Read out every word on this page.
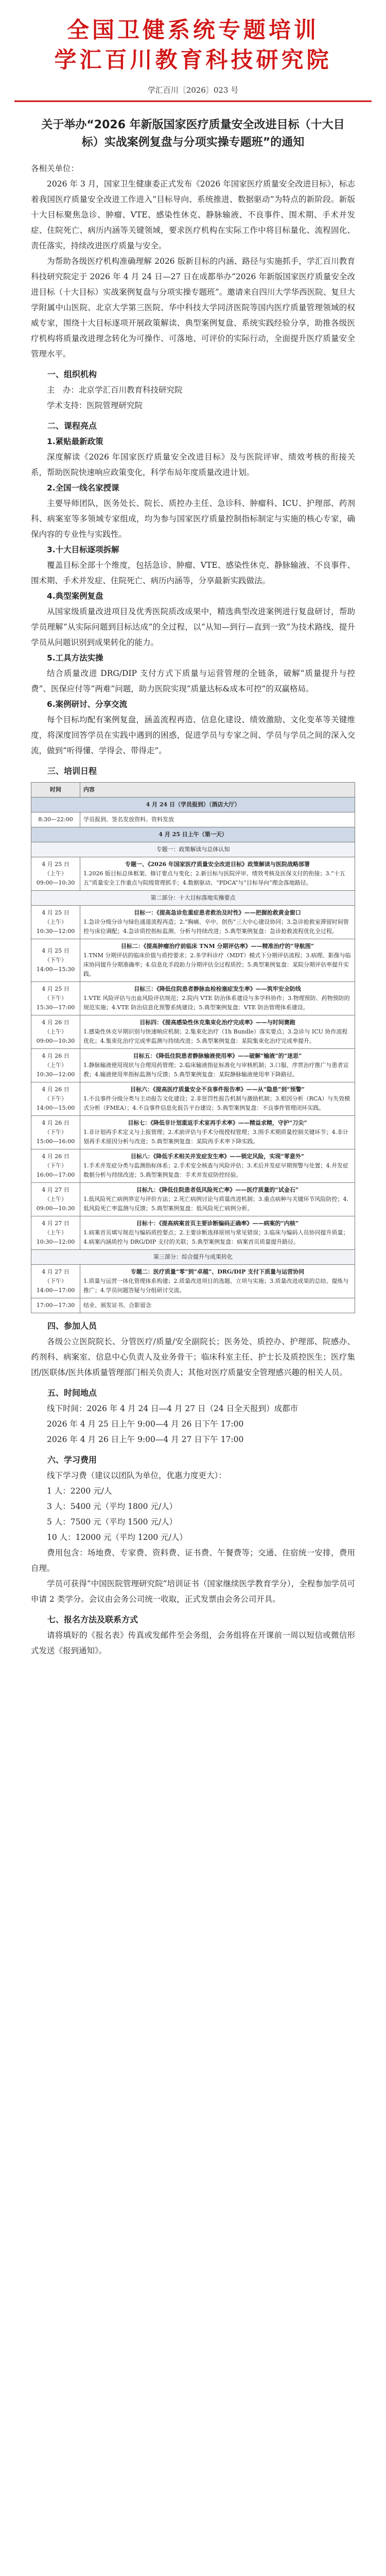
全国卫健系统专题培训
学汇百川教育科技研究院
学汇百川〔2026〕023 号
关于举办“2026 年新版国家医疗质量安全改进目标（十大目标）实战案例复盘与分项实操专题班”的通知

各相关单位：

2026 年 3 月，国家卫生健康委正式发布《2026 年国家医疗质量安全改进目标》，标志着我国医疗质量安全改进工作进入“目标导向、系统推进、数据驱动”为特点的新阶段。新版十大目标聚焦急诊、肿瘤、VTE、感染性休克、静脉输液、不良事件、围术期、手术并发症、住院死亡、病历内涵等关键领域，要求医疗机构在实际工作中将目标量化、流程固化、责任落实，持续改进医疗质量与安全。

为帮助各级医疗机构准确理解 2026 版新目标的内涵、路径与实施抓手，学汇百川教育科技研究院定于 2026 年 4 月 24 日—27 日在成都举办“2026 年新版国家医疗质量安全改进目标（十大目标）实战案例复盘与分项实操专题班”。邀请来自四川大学华西医院、复旦大学附属中山医院、北京大学第三医院、华中科技大学同济医院等国内医疗质量管理领域的权威专家，围绕十大目标逐项开展政策解读、典型案例复盘、系统实践经验分享，助推各级医疗机构将质量改进理念转化为可操作、可落地、可评价的实际行动，全面提升医疗质量安全管理水平。

一、组织机构

主　办：北京学汇百川教育科技研究院

学术支持：医院管理研究院

二、课程亮点
1.紧贴最新政策

深度解读《2026 年国家医疗质量安全改进目标》及与医院评审、绩效考核的衔接关系，帮助医院快速响应政策变化，科学布局年度质量改进计划。

2.全国一线名家授课

主要导师团队，医务处长、院长、质控办主任、急诊科、肿瘤科、ICU、护理部、药剂科、病案室等多领域专家组成，均为参与国家医疗质量控制指标制定与实施的核心专家，确保内容的专业性与实践性。

3.十大目标逐项拆解

覆盖目标全部十个维度，包括急诊、肿瘤、VTE、感染性休克、静脉输液、不良事件、围术期、手术并发症、住院死亡、病历内涵等，分享最新实践做法。

4.典型案例复盘

从国家级质量改进项目及优秀医院质改成果中，精选典型改进案例进行复盘研讨，帮助学员理解“从实际问题到目标达成”的全过程，以“从知—到行—直到一致”为技术路线，提升学员从问题识别到成果转化的能力。

5.工具方法实操

结合质量改进 DRG/DIP 支付方式下质量与运营管理的全链条，破解“质量提升与控费”、医保应付等“两难”问题，助力医院实现“质量达标&成本可控”的双赢格局。

6.案例研讨、分享交流

每个目标均配有案例复盘，涵盖流程再造、信息化建设、绩效激励、文化变革等关键维度，将深度回答学员在实践中遇到的困惑，促进学员与专家之间、学员与学员之间的深入交流，做到“听得懂、学得会、带得走”。

三、培训日程
时间	内容
4 月 24 日（学员报到）（酒店大厅）	
8:30—22:00	学员报到、签名发放资料、资料发放

4 月 25 日上午（第一天）	
专题一：政策解读与总体认知	
4 月 25 日
（上午）
09:00—10:30	专题一、《2026 年国家医疗质量安全改进目标》政策解读与医院战略部署
1.2026 版目标总体框架、修订要点与变化；2.新目标与医院评审、绩效考核及医保支付的衔接；3.“十五五”质量安全工作重点与院级管理抓手；4.数据驱动、“PDCA”与“目标导向”理念落地路径。

第二部分：十大目标落地实操要点	
4 月 25 日
（上午）
10:30—12:00	目标一：《提高急诊危重症患者救治及时性》——把握抢救黄金窗口
1.急诊分级分诊与绿色通道流程再造；2.“胸痛、卒中、创伤”三大中心建设协同；3.急诊抢救室滞留时间管控与床位调配；4.急诊质控指标监测、分析与持续改进；5.典型案例复盘：急诊抢救流程优化全过程。

4 月 25 日
（下午）
14:00—15:30	目标二：《提高肿瘤治疗前临床 TNM 分期评估率》——精准治疗的“导航图”
1.TNM 分期评估的临床价值与质控要求；2.多学科诊疗（MDT）模式下分期评估流程；3.病理、影像与临床协同提升分期准确率；4.信息化手段助力分期评估全过程质控；5.典型案例复盘：某院分期评估率提升实践。

4 月 25 日
（下午）
15:30—17:00	目标三：《降低住院患者静脉血栓栓塞症发生率》——筑牢安全防线
1.VTE 风险评估与出血风险评估规范；2.院内 VTE 防治体系建设与多学科协作；3.物理预防、药物预防的规范实施；4.VTE 防治信息化预警系统建设；5.典型案例复盘：VTE 防治管理体系建设。

4 月 26 日
（上午）
09:00—10:30	目标四：《提高感染性休克集束化治疗完成率》——与时间赛跑
1.感染性休克早期识别与快速响应机制；2.集束化治疗（1h Bundle）落实要点；3.急诊与 ICU 协作流程优化；4.集束化治疗完成率监测与持续改进；5.典型案例复盘：某院集束化治疗完成率提升。

4 月 26 日
（上午）
10:30—12:00	目标五：《降低住院患者静脉输液使用率》——破解“输液”的“迷思”
1.静脉输液使用现状与合理用药管理；2.临床输液指征标准化与审核机制；3.口服、序贯治疗推广与患者宣教；4.输液使用率指标监测与反馈；5.典型案例复盘：某院静脉输液使用率下降路径。

4 月 26 日
（下午）
14:00—15:00	目标六：《提高医疗质量安全不良事件报告率》——从“隐患”到“预警”
1.不良事件分级分类与主动报告文化建设；2.非惩罚性报告机制与激励机制；3.根因分析（RCA）与失效模式分析（FMEA）；4.不良事件信息化报告平台建设；5.典型案例复盘：不良事件管理闭环实践。

4 月 26 日
（下午）
15:00—16:00	目标七：《降低非计划重返手术室再手术率》——精益求精，守护“刀尖”
1.非计划再手术定义与上报管理；2.术前评估与手术分级授权管理；3.围手术期质量控制关键环节；4.非计划再手术原因分析与改进；5.典型案例复盘：某院再手术率下降实践。

4 月 26 日
（下午）
16:00—17:00	目标八：《降低手术相关并发症发生率》——锁定风险，实现“零意外”
1.手术并发症分类与监测指标体系；2.手术安全核查与风险评估；3.术后并发症早期预警与处置；4.并发症数据分析与持续改进；5.典型案例复盘：手术并发症防控经验。

4 月 27 日
（上午）
09:00—10:30	目标九：《降低住院患者低风险死亡率》——医疗质量的“试金石”
1.低风险死亡病例界定与评价方法；2.死亡病例讨论与质量改进机制；3.重点病种与关键环节风险防控；4.低风险死亡率监测与反馈；5.典型案例复盘：低风险死亡病例分析。

4 月 27 日
（上午）
10:30—12:00	目标十：《提高病案首页主要诊断编码正确率》——病案的“内核”
1.病案首页填写规范与编码质控要点；2.主要诊断选择原则与常见错误；3.临床与编码人员协同提升质量；4.病案内涵质控与 DRG/DIP 支付的关联；5.典型案例复盘：病案首页质量提升路径。

第三部分：综合提升与成果转化	
4 月 27 日
（下午）
14:00—17:00	专题二：医疗质量“零”到“卓越”、DRG/DIP 支付下质量与运营协同
1.质量与运营一体化管理体系构建；2.质量改进项目的选题、立项与实施；3.质量改进成果的总结、提炼与推广；4.学员问题答疑与分组研讨交流。

17:00—17:30	结业、颁发证书、合影留念
四、参加人员

各级公立医院院长、分管医疗/质量/安全副院长；医务处、质控办、护理部、院感办、药剂科、病案室、信息中心负责人及业务骨干；临床科室主任、护士长及质控医生；医疗集团/医联体/医共体质量管理部门相关负责人；其他对医疗质量安全管理感兴趣的相关人员。

五、时间地点

线下时间：2026 年 4 月 24 日—4 月 27 日（24 日全天报到）成都市

2026 年 4 月 25 日上午 9:00—4 月 26 日下午 17:00

2026 年 4 月 26 日上午 9:00—4 月 27 日下午 17:00

六、学习费用

线下学习费（建议以团队为单位，优惠力度更大）：

1 人：2200 元/人

3 人：5400 元（平均 1800 元/人）

5 人：7500 元（平均 1500 元/人）

10 人：12000 元（平均 1200 元/人）

费用包含：场地费、专家费、资料费、证书费、午餐费等；交通、住宿统一安排，费用自理。

学员可获得“中国医院管理研究院”培训证书（国家继续医学教育学分），全程参加学员可申请 2 类学分。会议由会务公司统一收取，正式发票由会务公司开具。

七、报名方法及联系方式

请将填好的《报名表》传真或发邮件至会务组，会务组将在开课前一周以短信或微信形式发送《报到通知》。
